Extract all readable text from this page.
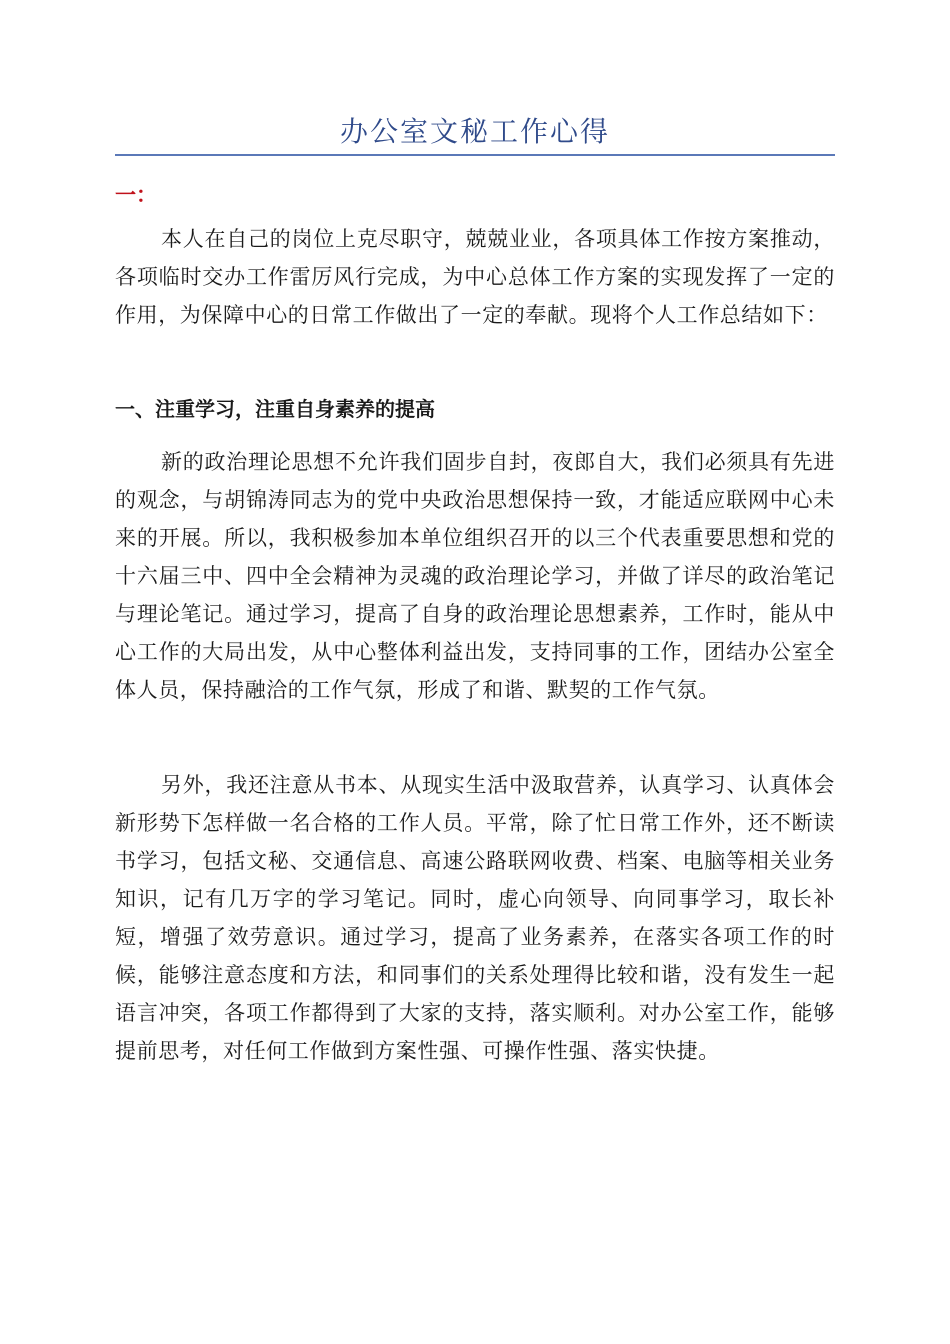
办公室文秘工作心得
一：

本人在自己的岗位上克尽职守，兢兢业业，各项具体工作按方案推动，各项临时交办工作雷厉风行完成，为中心总体工作方案的实现发挥了一定的作用，为保障中心的日常工作做出了一定的奉献。现将个人工作总结如下：

一、注重学习，注重自身素养的提高

新的政治理论思想不允许我们固步自封，夜郎自大，我们必须具有先进的观念，与胡锦涛同志为的党中央政治思想保持一致，才能适应联网中心未来的开展。所以，我积极参加本单位组织召开的以三个代表重要思想和党的十六届三中、四中全会精神为灵魂的政治理论学习，并做了详尽的政治笔记与理论笔记。通过学习，提高了自身的政治理论思想素养，工作时，能从中心工作的大局出发，从中心整体利益出发，支持同事的工作，团结办公室全体人员，保持融洽的工作气氛，形成了和谐、默契的工作气氛。

另外，我还注意从书本、从现实生活中汲取营养，认真学习、认真体会新形势下怎样做一名合格的工作人员。平常，除了忙日常工作外，还不断读书学习，包括文秘、交通信息、高速公路联网收费、档案、电脑等相关业务知识，记有几万字的学习笔记。同时，虚心向领导、向同事学习，取长补短，增强了效劳意识。通过学习，提高了业务素养，在落实各项工作的时候，能够注意态度和方法，和同事们的关系处理得比较和谐，没有发生一起语言冲突，各项工作都得到了大家的支持，落实顺利。对办公室工作，能够提前思考，对任何工作做到方案性强、可操作性强、落实快捷。
